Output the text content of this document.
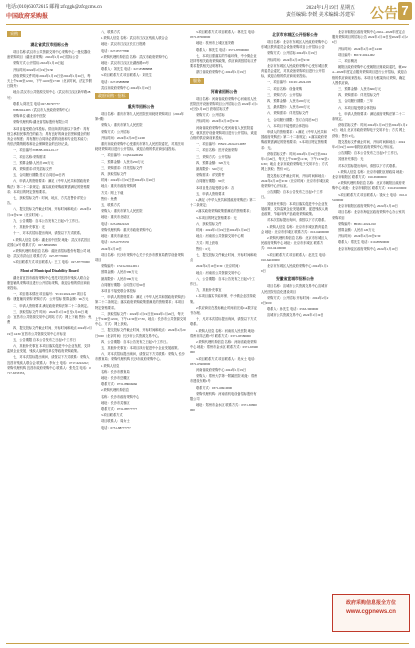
电话:(010)63072615 邮箱:zfcggk@zfcgcms.cn
中国政府采购报
2024年1月19日 星期五
责任编辑:李媛 美术编辑:苏建军 公告 7
采购
湖北省武汉市招标公告
项目名称:武汉市公共资源交易中心采购中心一批仪器设备采购项目（湖北省采购）2024年1月19日招标公告
采购方式:公开招标 2024年1月19日起
开标时间:2024年2月19日9:30
获取采购文件时间:2024年1月19日至2024年1月26日，每天上午9:00至12:00，下午14:00至17:00（北京时间，法定节假日除外）
地点:武汉市公共资源交易中心（武汉市江汉区新华路28号）
联系人:陈先生 电话:027-85797777
WH2024-003（武汉市人民政府采购中心）
采购单位:湖北省中医院
采购代理机构:湖北省招标股份有限公司
本项目接受联合体投标。供应商须具备以下条件：具有独立承担民事责任的能力；具有良好的商业信誉和健全的财务会计制度；具有履行合同所必需的设备和专业技术能力；有依法缴纳税收和社会保障资金的良好记录。
一、项目编号:WHZB-2024-01-17
二、项目名称:采购需求
三、预算金额:人民币180万元
四、采购需求:详见招标文件
五、合同履行期限:签订合同后60日内
六、申请人的资格要求：满足《中华人民共和国政府采购法》第二十二条规定；落实政府采购政策需满足的资格要求；本项目的特定资格要求。
七、获取招标文件：时间、地点、方式及售价详见公告。
八、提交投标文件截止时间、开标时间和地点：2024年2月19日9:30（北京时间）。
九、公告期限：自本公告发布之日起5个工作日。
十、其他补充事宜：无
十一、对本次招标提出询问，请按以下方式联系。
1.采购人信息 名称：湖北省中医院 地址：武汉市武昌区花园山4号 联系方式：027-88929999
2.采购代理机构信息 名称：湖北省招标股份有限公司 地址：武汉市洪山区 联系方式：027-87770000
3.项目联系方式 项目联系人：王工 电话：027-87770000
Mont of Municipal Disability Board
湖北省宜昌市政府采购中心受托对宜昌市残疾人联合会康复辅具采购项目进行公开招标采购，欢迎合格的供应商前来投标。
一、项目基本情况 项目编号：YCZC2024-007 项目名称：康复辅具采购 采购方式：公开招标 预算金额：96万元
二、申请人资格要求 满足政府采购法第二十二条规定。
三、获取招标文件 时间：2024年1月19日至1月26日 地点：宜昌市公共资源交易中心网站 方式：网上下载 售价：免费
四、提交投标文件截止时间、开标时间和地点 2024年2月19日14:30 宜昌市公共资源交易中心开标室
五、公告期限 自本公告发布之日起5个工作日
六、其他补充事宜 本项目落实促进中小企业发展、支持监狱企业发展、残疾人福利性单位等政府采购政策。
七、对本次招标提出询问，请按以下方式联系：采购人 宜昌市残疾人联合会 联系人：李女士 电话：0717-6222222；采购代理机构 宜昌市政府采购中心 联系人：张先生 电话：0717-6333333。
八、联系方式
1.采购人信息 名称：武汉市江汉区残疾人联合会
地址：武汉市江汉区长江日报路
电话：027-85777890
2.采购代理机构信息 名称：武汉市政府采购中心
地址：武汉市江汉区北湖西路23号
联系人：刘先生 电话：027-85888888
3.项目联系方式 项目联系人：刘先生
电话：027-85888888
武汉市政府采购中心 2024年1月19日
政府采购 · 招标
重庆市招标公告
项目名称：重庆市第九人民医院医用耗材采购项目（2024年第7期）
采购人：重庆市第九人民医院
采购方式：公开招标
开标时间：2024年2月20日14:00
重庆市政府采购中心受重庆市第九人民医院委托，对其医用耗材采购项目进行公开招标，欢迎合格的供应商参加投标。
一、项目编号：CQS24A00456
二、预算金额：人民币250万元
三、采购需求：详见招标文件
四、获取招标文件
时间：2024年1月19日至2024年1月26日
地点：重庆市政府采购网
方式：网上下载
售价：免费
五、联系方式
采购人：重庆市第九人民医院
地址：重庆市北碚区
电话：023-68222222
采购代理机构：重庆市政府采购中心
地址：重庆市渝北区
电话：023-67555555
2024年1月19日
项目名称：长沙市采购中心关于长沙市教育局教学设备采购项目
采购编号：CSCG2024-0011
预算金额：人民币580万元
最高限价：人民币580万元
合同履行期限：合同签订后90日
本项目不接受联合体投标
一、申请人的资格要求：满足《中华人民共和国政府采购法》第二十二条规定；落实政府采购政策需满足的资格要求；本项目特定资格要求。
二、获取招标文件：2024年1月19日至2024年1月26日，每天上午9:00至12:00，下午14:30至17:30，地点：长沙市公共资源交易中心，方式：网上获取。
三、提交投标文件截止时间、开标时间和地点：2024年2月20日9:00（北京时间）长沙市公共资源交易中心。
四、公告期限：自本公告发布之日起5个工作日。
五、其他补充事宜：本项目执行促进中小企业发展政策。
六、对本次招标提出询问，请按以下方式联系：采购人 长沙市教育局；采购代理机构 长沙市政府采购中心。
1.采购人信息
名称：长沙市教育局
地址：长沙市岳麓区
联系方式：0731-88666666
2.采购代理机构信息
名称：长沙市政府采购中心
地址：长沙市芙蓉区
联系方式：0731-88777777
3.项目联系方式
项目联系人：周女士
电话：0731-88777777
3.项目联系方式 项目联系人：林先生 电话：0571-87000000
地址：杭州市上城区延安路
联系人：林先生 电话：0571-87000000
七、本项目需落实的节能环保、中小微企业扶持等相关政府采购政策，供应商须按招标文件要求提供相关证明材料。
浙江省政府采购中心 2024年1月19日
服务
河南省招标公告
项目名称：河南省政府采购中心河南省人民医院医疗设备采购项目公开招标公告 2024年1月19日至1月26日 获取招标文件
采购方式：公开招标
开标时间：2024年2月19日9:30
河南省政府采购中心受河南省人民医院委托，就其医疗设备采购项目进行公开招标，欢迎合格的供应商前来投标。
一、项目编号：HNZC-2024-03-0087
二、项目名称：医疗设备采购
三、采购方式：公开招标
四、预算金额：320万元
最高限价：320万元
采购需求：详见附件
合同履行期限：90天
本项目是否接受联合体：否
五、申请人资格要求
1.满足《中华人民共和国政府采购法》第二十二条规定；
2.落实政府采购政策需满足的资格要求；
3.本项目的特定资格要求：无
六、获取招标文件
时间：2024年1月19日至2024年1月26日
地点：河南省公共资源交易中心网
方式：网上获取
售价：0元
七、提交投标文件截止时间、开标时间和地点
2024年2月19日9:30（北京时间）
地点：河南省公共资源交易中心
八、公告期限：自本公告发布之日起5个工作日。
九、其他补充事宜
1.本项目落实节能环保、中小微企业扶持政策。
2.供应商应在投标截止时间前完成CA数字证书办理。
十、凡对本次招标提出询问，请按以下方式联系。
1.采购人信息 名称：河南省人民医院 地址：郑州市纬五路7号 联系方式：0371-65580000
2.采购代理机构信息 名称：河南省政府采购中心 地址：郑州市金水区 联系方式：0371-65900000
3.项目联系方式 项目联系人：吴女士 电话：0371-65900000
河南省政府采购中心 2024年1月19日
采购人：郑州大学第一附属医院 地址：郑州市建设东路1号
联系方式：0371-66910000
采购代理机构：河南省机电设备招标股份有限公司
地址：郑州市金水区 联系方式：0371-65800000
北京市东城区公开招标公告
项目名称：北京市东城区人民政府采购中心东城区教育委员会设备采购项目公开招标公告
采购方式：公开招标 2024年1月19日
开标时间：2024年2月19日9:30
北京市东城区人民政府采购中心受东城区教育委员会委托，对其设备采购项目进行公开招标，欢迎合格的供应商前来投标。
一、项目编号：DCZC-2024-005
二、项目名称：设备采购
三、采购方式：公开招标
四、预算金额：人民币450万元
五、最高限价：人民币450万元
六、采购需求：详见招标文件
七、合同履行期限：签订合同后30日
八、本项目不接受联合体投标
申请人的资格要求：1.满足《中华人民共和国政府采购法》第二十二条规定；2.落实政府采购政策需满足的资格要求；3.本项目特定资格要求：无。
获取招标文件：时间 2024年1月19日至2024年1月26日，每天上午9:00至11:30，下午13:30至16:30；地点 北京市政府采购电子交易平台；方式 网上获取；售价 0元。
提交投标文件截止时间、开标时间和地点：2024年2月19日9:30（北京时间）北京市东城区政府采购中心开标室。
公告期限：自本公告发布之日起5个工作日。
其他补充事宜：本项目落实促进中小企业发展政策、支持监狱企业发展政策、促进残疾人就业政策、节能环保产品政府采购政策。
对本次招标提出询问，请按以下方式联系。
1.采购人信息 名称：北京市东城区教育委员会 地址：北京市东城区 联系方式：010-64000000
2.采购代理机构信息 名称：北京市东城区人民政府采购中心 地址：北京市东城区 联系方式：010-64100000
3.项目联系方式 项目联系人：赵先生 电话：010-64100000
北京市东城区人民政府采购中心 2024年1月19日
安徽省宣城市招标公告
项目名称：宣城市公共资源交易中心宣城市人民医院信息化建设项目
采购方式：公开招标 开标时间：2024年2月20日9:00
联系人：孙先生 电话：0563-3000000
宣城市公共资源交易中心 2024年1月19日
北京市朝阳区政府采购中心2024—2026年度定点服务采购项目的招标公告 2024年1月19日至2024年1月26日
开标时间：2024年2月19日14:00
项目编号：BJCY-2024-002
二、项目概况
朝阳区政府采购中心受朝阳区财政局委托，就2024—2026年度定点服务采购项目进行公开招标，欢迎合格的供应商前来投标。本项目为框架协议采购，确定入围供应商。
三、预算金额：人民币600万元
四、采购需求：详见招标文件
五、合同履行期限：三年
六、本项目接受联合体投标
七、申请人资格要求：满足政府采购法第二十二条规定。
获取招标文件：时间 2024年1月19日至2024年1月26日；地点 北京市政府采购电子交易平台；方式 网上获取；售价 0元。
提交投标文件截止时间、开标时间和地点：2024年2月19日14:00 朝阳区政府采购中心开标室。
公告期限：自本公告发布之日起5个工作日。
其他补充事宜：无
对本次招标提出询问，请按以下方式联系。
1.采购人信息 名称：北京市朝阳区财政局 地址：北京市朝阳区 联系方式：010-65000000
2.采购代理机构信息 名称：北京市朝阳区政府采购中心 地址：北京市朝阳区 联系方式：010-65100000
3.项目联系方式 项目联系人：钱女士 电话：010-65100000
北京市朝阳区政府采购中心 2024年1月19日
项目名称：北京市海淀区政府采购中心办公家具采购项目
采购编号：HDZC-2024-010
预算金额：人民币120万元
开标时间：2024年2月20日9:30
联系人：郑先生 电话：010-88500000
北京市海淀区政府采购中心 2024年1月19日
政府采购信息报全方位
www.cgpnews.cn
